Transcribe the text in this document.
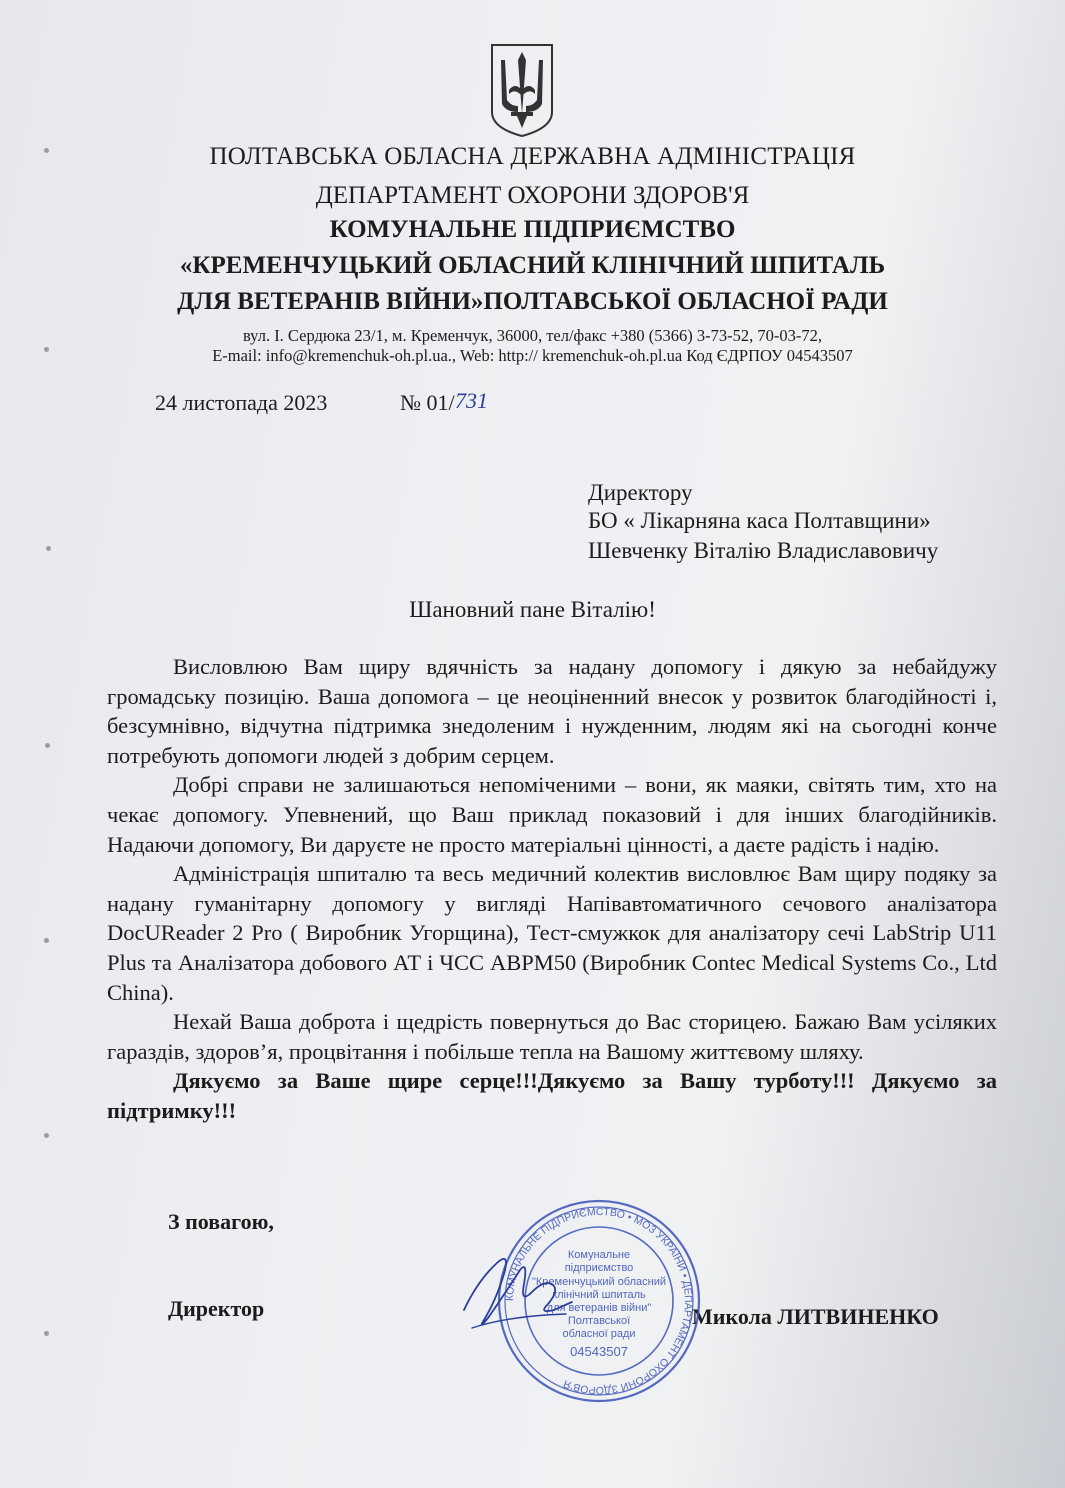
ПОЛТАВСЬКА ОБЛАСНА ДЕРЖАВНА АДМІНІСТРАЦІЯ
ДЕПАРТАМЕНТ ОХОРОНИ ЗДОРОВ'Я
КОМУНАЛЬНЕ ПІДПРИЄМСТВО
«КРЕМЕНЧУЦЬКИЙ ОБЛАСНИЙ КЛІНІЧНИЙ ШПИТАЛЬ
ДЛЯ ВЕТЕРАНІВ ВІЙНИ»ПОЛТАВСЬКОЇ ОБЛАСНОЇ РАДИ
вул. І. Сердюка 23/1, м. Кременчук, 36000, тел/факс +380 (5366) 3-73-52, 70-03-72,
E-mail: info@kremenchuk-oh.pl.ua., Web: http:// kremenchuk-oh.pl.ua Код ЄДРПОУ 04543507
24 листопада 2023	№ 01/ 731
Директору
БО « Лікарняна каса Полтавщини»
Шевченку Віталію Владиславовичу
Шановний пане Віталію!

Висловлюю Вам щиру вдячність за надану допомогу і дякую за небайдужу громадську позицію. Ваша допомога – це неоціненний внесок у розвиток благодійності і, безсумнівно, відчутна підтримка знедоленим і нужденним, людям які на сьогодні конче потребують допомоги людей з добрим серцем.

Добрі справи не залишаються непоміченими – вони, як маяки, світять тим, хто на чекає допомогу. Упевнений, що Ваш приклад показовий і для інших благодійників. Надаючи допомогу, Ви даруєте не просто матеріальні цінності, а даєте радість і надію.

Адміністрація шпиталю та весь медичний колектив висловлює Вам щиру подяку за надану гуманітарну допомогу у вигляді Напівавтоматичного сечового аналізатора DocUReader 2 Pro ( Виробник Угорщина), Тест-смужкок для аналізатору сечі LabStrip U11 Plus та Аналізатора добового АТ і ЧСС ABPM50 (Виробник Contec Medical Systems Co., Ltd China).

Нехай Ваша доброта і щедрість повернуться до Вас сторицею. Бажаю Вам усіляких гараздів, здоров’я, процвітання і побільше тепла на Вашому життєвому шляху.

Дякуємо за Ваше щире серце!!!Дякуємо за Вашу турботу!!! Дякуємо за підтримку!!!

З повагою,
Директор	Микола ЛИТВИНЕНКО
КОМУНАЛЬНЕ ПІДПРИЄМСТВО • МОЗ УКРАЇНИ • ДЕПАРТАМЕНТ ОХОРОНИ ЗДОРОВ'Я
Комунальне
підприємство
"Кременчуцький обласний
клінічний шпиталь
для ветеранів війни"
Полтавської
обласної ради
04543507
